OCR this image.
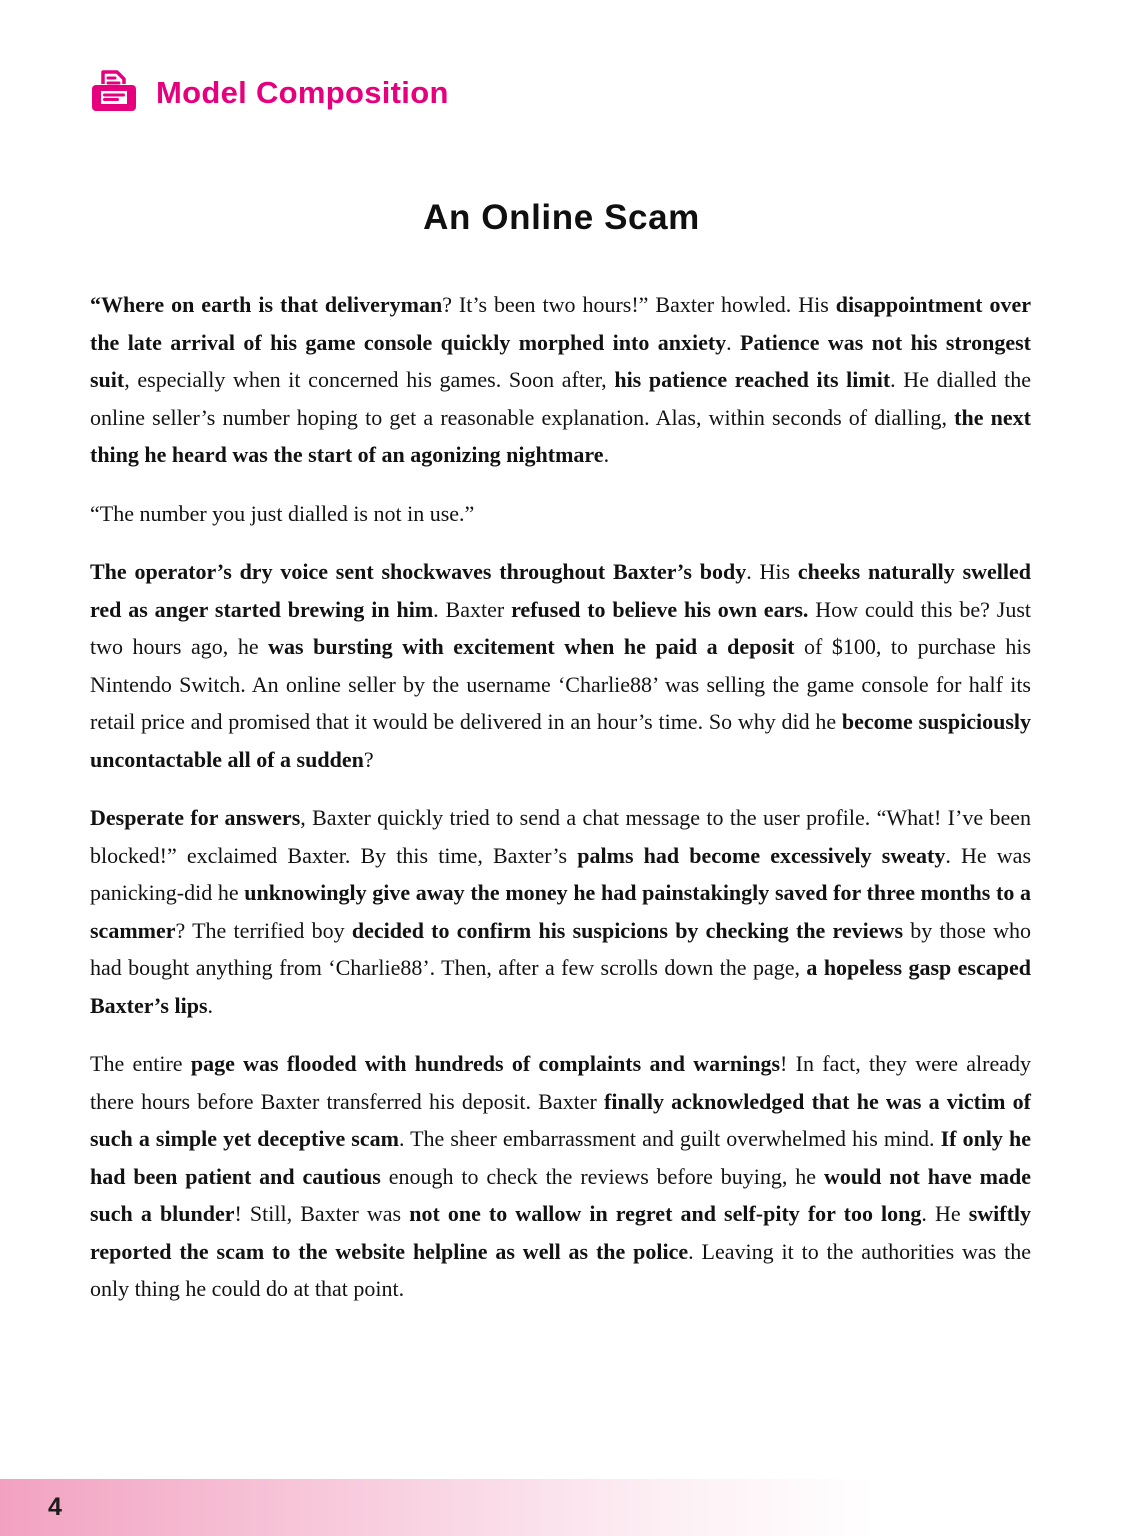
Model Composition
An Online Scam

“Where on earth is that deliveryman? It’s been two hours!” Baxter howled. His disappointment over the late arrival of his game console quickly morphed into anxiety. Patience was not his strongest suit, especially when it concerned his games. Soon after, his patience reached its limit. He dialled the online seller’s number hoping to get a reasonable explanation. Alas, within seconds of dialling, the next thing he heard was the start of an agonizing nightmare.

“The number you just dialled is not in use.”

The operator’s dry voice sent shockwaves throughout Baxter’s body. His cheeks naturally swelled red as anger started brewing in him. Baxter refused to believe his own ears. How could this be? Just two hours ago, he was bursting with excitement when he paid a deposit of $100, to purchase his Nintendo Switch. An online seller by the username ‘Charlie88’ was selling the game console for half its retail price and promised that it would be delivered in an hour’s time. So why did he become suspiciously uncontactable all of a sudden?

Desperate for answers, Baxter quickly tried to send a chat message to the user profile. “What! I’ve been blocked!” exclaimed Baxter. By this time, Baxter’s palms had become excessively sweaty. He was panicking-did he unknowingly give away the money he had painstakingly saved for three months to a scammer? The terrified boy decided to confirm his suspicions by checking the reviews by those who had bought anything from ‘Charlie88’. Then, after a few scrolls down the page, a hopeless gasp escaped Baxter’s lips.

The entire page was flooded with hundreds of complaints and warnings! In fact, they were already there hours before Baxter transferred his deposit. Baxter finally acknowledged that he was a victim of such a simple yet deceptive scam. The sheer embarrassment and guilt overwhelmed his mind. If only he had been patient and cautious enough to check the reviews before buying, he would not have made such a blunder! Still, Baxter was not one to wallow in regret and self-pity for too long. He swiftly reported the scam to the website helpline as well as the police. Leaving it to the authorities was the only thing he could do at that point.

4
